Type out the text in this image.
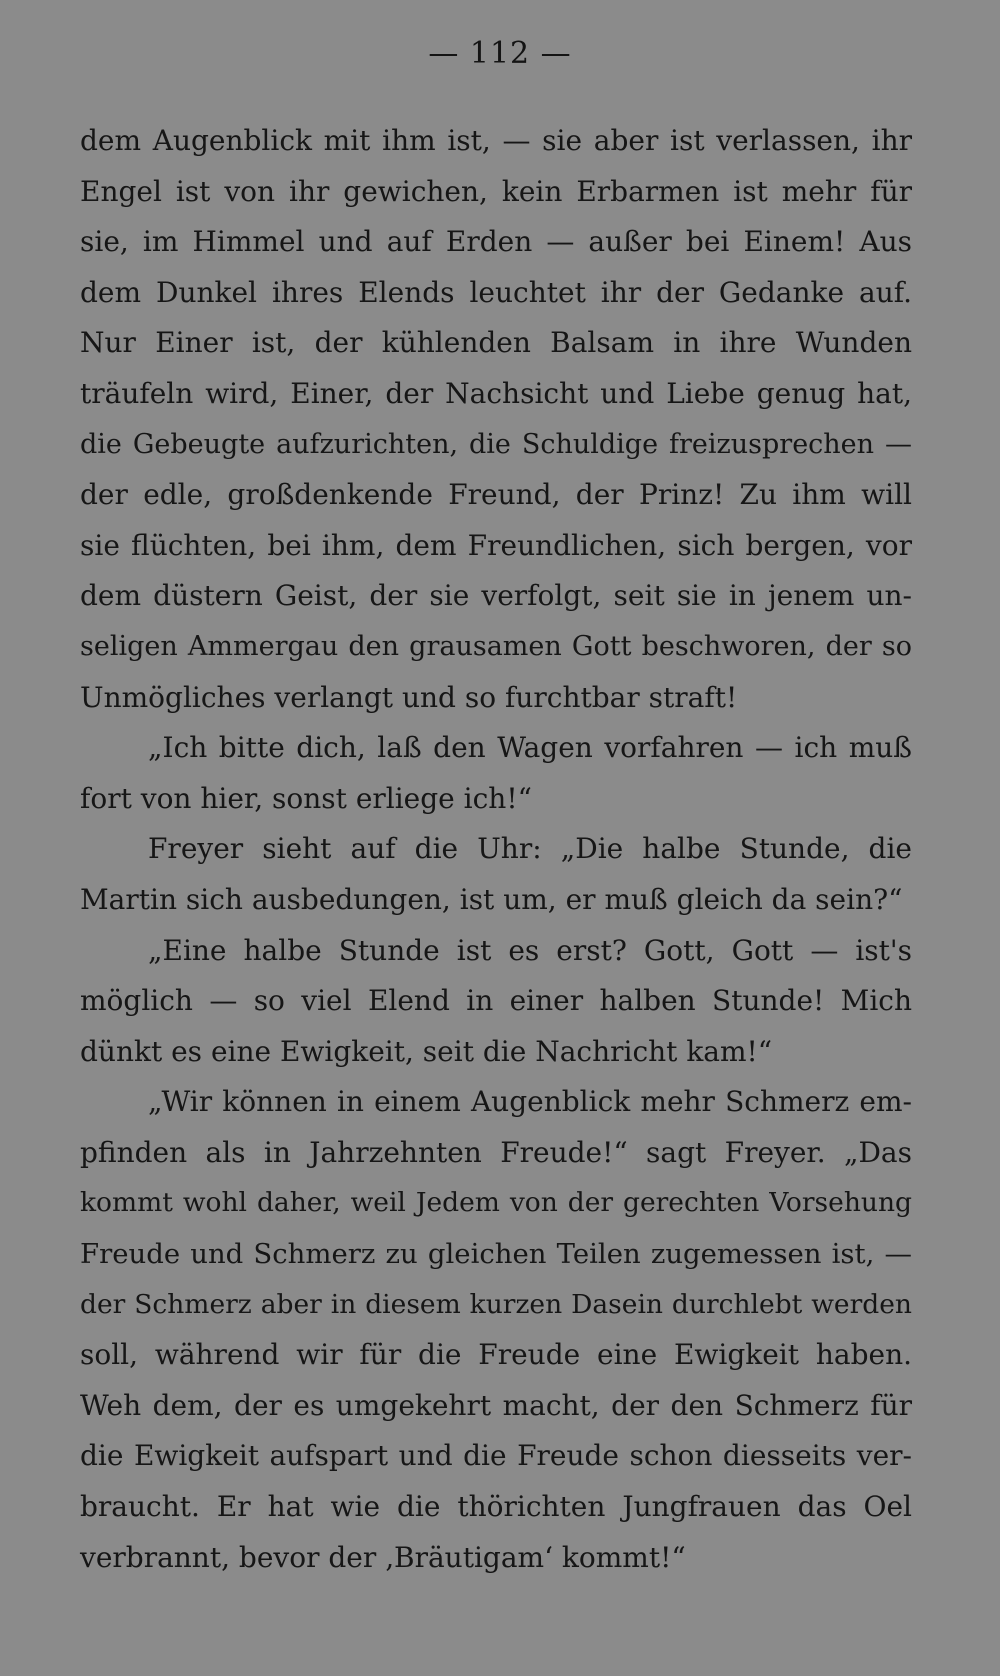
— 112 —
dem Augenblick mit ihm ist, — sie aber ist verlassen, ihr
Engel ist von ihr gewichen, kein Erbarmen ist mehr für
sie, im Himmel und auf Erden — außer bei Einem! Aus
dem Dunkel ihres Elends leuchtet ihr der Gedanke auf.
Nur Einer ist, der kühlenden Balsam in ihre Wunden
träufeln wird, Einer, der Nachsicht und Liebe genug hat,
die Gebeugte aufzurichten, die Schuldige freizusprechen —
der edle, großdenkende Freund, der Prinz! Zu ihm will
sie flüchten, bei ihm, dem Freundlichen, sich bergen, vor
dem düstern Geist, der sie verfolgt, seit sie in jenem un-
seligen Ammergau den grausamen Gott beschworen, der so
Unmögliches verlangt und so furchtbar straft!
„Ich bitte dich, laß den Wagen vorfahren — ich muß
fort von hier, sonst erliege ich!“
Freyer sieht auf die Uhr: „Die halbe Stunde, die
Martin sich ausbedungen, ist um, er muß gleich da sein?“
„Eine halbe Stunde ist es erst? Gott, Gott — ist's
möglich — so viel Elend in einer halben Stunde! Mich
dünkt es eine Ewigkeit, seit die Nachricht kam!“
„Wir können in einem Augenblick mehr Schmerz em-
pfinden als in Jahrzehnten Freude!“ sagt Freyer. „Das
kommt wohl daher, weil Jedem von der gerechten Vorsehung
Freude und Schmerz zu gleichen Teilen zugemessen ist, —
der Schmerz aber in diesem kurzen Dasein durchlebt werden
soll, während wir für die Freude eine Ewigkeit haben.
Weh dem, der es umgekehrt macht, der den Schmerz für
die Ewigkeit aufspart und die Freude schon diesseits ver-
braucht. Er hat wie die thörichten Jungfrauen das Oel
verbrannt, bevor der ‚Bräutigam‘ kommt!“
